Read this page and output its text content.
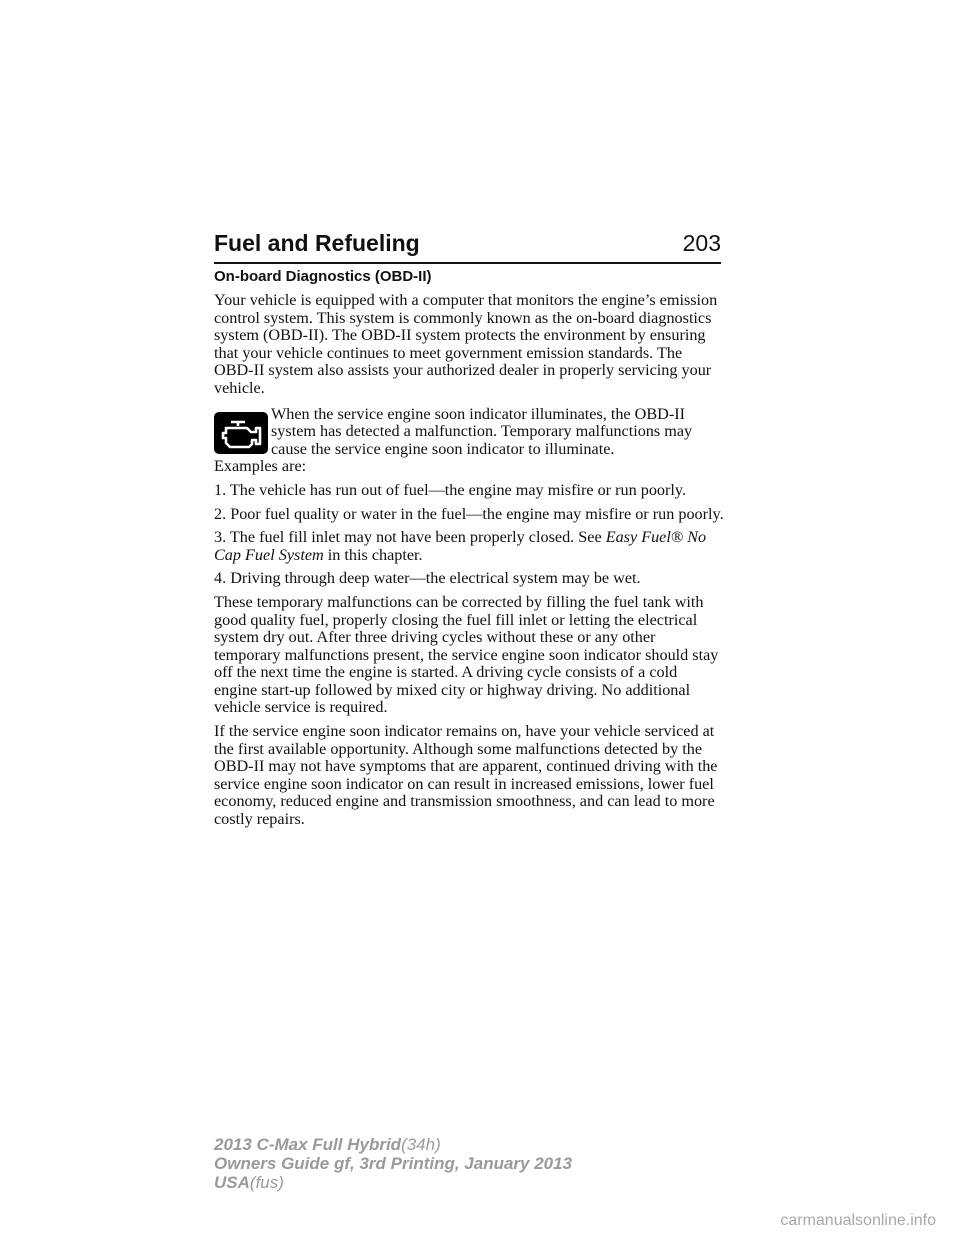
Fuel and Refueling	203
On-board Diagnostics (OBD-II)

Your vehicle is equipped with a computer that monitors the engine’s emission control system. This system is commonly known as the on-board diagnostics system (OBD-II). The OBD-II system protects the environment by ensuring that your vehicle continues to meet government emission standards. The OBD-II system also assists your authorized dealer in properly servicing your vehicle.

When the service engine soon indicator illuminates, the OBD-II system has detected a malfunction. Temporary malfunctions may cause the service engine soon indicator to illuminate.

Examples are:

1. The vehicle has run out of fuel—the engine may misfire or run poorly.

2. Poor fuel quality or water in the fuel—the engine may misfire or run poorly.

3. The fuel fill inlet may not have been properly closed. See Easy Fuel® No Cap Fuel System in this chapter.

4. Driving through deep water—the electrical system may be wet.

These temporary malfunctions can be corrected by filling the fuel tank with good quality fuel, properly closing the fuel fill inlet or letting the electrical system dry out. After three driving cycles without these or any other temporary malfunctions present, the service engine soon indicator should stay off the next time the engine is started. A driving cycle consists of a cold engine start-up followed by mixed city or highway driving. No additional vehicle service is required.

If the service engine soon indicator remains on, have your vehicle serviced at the first available opportunity. Although some malfunctions detected by the OBD-II may not have symptoms that are apparent, continued driving with the service engine soon indicator on can result in increased emissions, lower fuel economy, reduced engine and transmission smoothness, and can lead to more costly repairs.

2013 C-Max Full Hybrid(34h)
Owners Guide gf, 3rd Printing, January 2013
USA(fus)
carmanualsonline.info
